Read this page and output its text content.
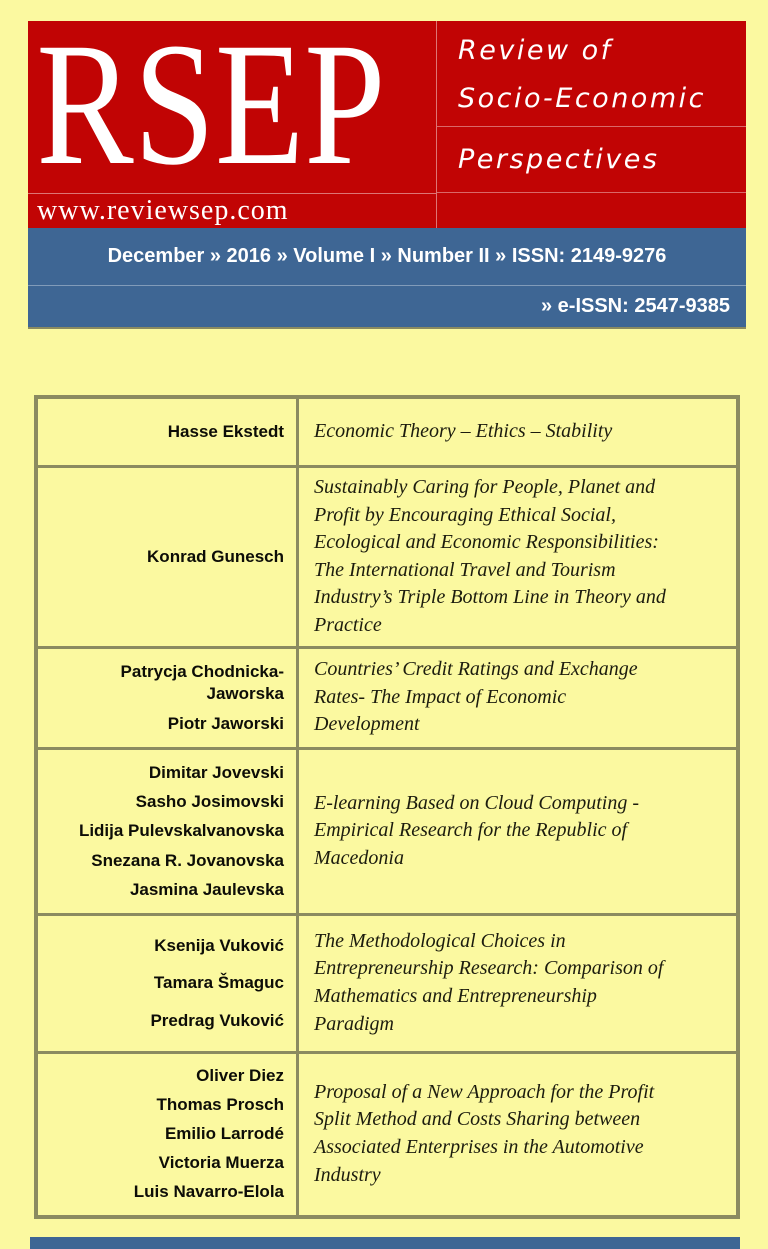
RSEP
www.reviewsep.com
Review of
Socio-Economic
Perspectives
December » 2016 » Volume I » Number II » ISSN: 2149-9276
» e-ISSN: 2547-9385
Hasse Ekstedt	Economic Theory – Ethics – Stability

Konrad Gunesch	Sustainably Caring for People, Planet and Profit by Encouraging Ethical Social, Ecological and Economic Responsibilities: The International Travel and Tourism Industry’s Triple Bottom Line in Theory and Practice

Patrycja Chodnicka-Jaworska
Piotr Jaworski	Countries’ Credit Ratings and Exchange Rates- The Impact of Economic Development

Dimitar Jovevski
Sasho Josimovski
Lidija Pulevskalvanovska
Snezana R. Jovanovska
Jasmina Jaulevska	E-learning Based on Cloud Computing - Empirical Research for the Republic of Macedonia

Ksenija Vuković
Tamara Šmaguc
Predrag Vuković	The Methodological Choices in Entrepreneurship Research: Comparison of Mathematics and Entrepreneurship Paradigm

Oliver Diez
Thomas Prosch
Emilio Larrodé
Victoria Muerza
Luis Navarro-Elola	Proposal of a New Approach for the Profit Split Method and Costs Sharing between Associated Enterprises in the Automotive Industry
